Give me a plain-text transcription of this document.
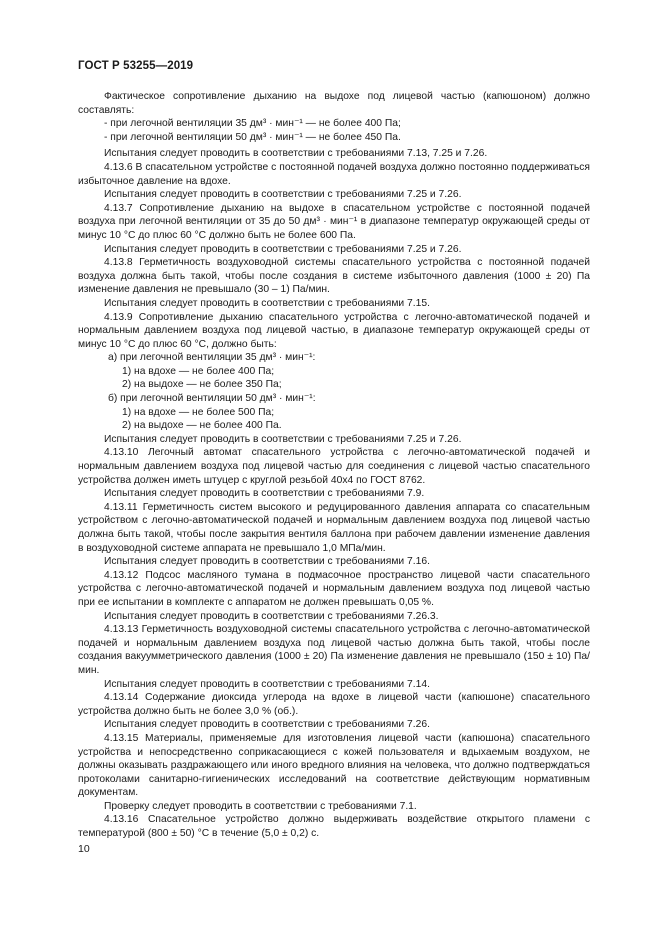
ГОСТ Р 53255—2019

Фактическое сопротивление дыханию на выдохе под лицевой частью (капюшоном) должно составлять:

- при легочной вентиляции 35 дм³ · мин⁻¹ — не более 400 Па;

- при легочной вентиляции 50 дм³ · мин⁻¹ — не более 450 Па.

Испытания следует проводить в соответствии с требованиями 7.13, 7.25 и 7.26.

4.13.6 В спасательном устройстве с постоянной подачей воздуха должно постоянно поддерживаться избыточное давление на вдохе.

Испытания следует проводить в соответствии с требованиями 7.25 и 7.26.

4.13.7 Сопротивление дыханию на выдохе в спасательном устройстве с постоянной подачей воздуха при легочной вентиляции от 35 до 50 дм³ · мин⁻¹ в диапазоне температур окружающей среды от минус 10 °С до плюс 60 °С должно быть не более 600 Па.

Испытания следует проводить в соответствии с требованиями 7.25 и 7.26.

4.13.8 Герметичность воздуховодной системы спасательного устройства с постоянной подачей воздуха должна быть такой, чтобы после создания в системе избыточного давления (1000 ± 20) Па изменение давления не превышало (30 – 1) Па/мин.

Испытания следует проводить в соответствии с требованиями 7.15.

4.13.9 Сопротивление дыханию спасательного устройства с легочно-автоматической подачей и нормальным давлением воздуха под лицевой частью, в диапазоне температур окружающей среды от минус 10 °С до плюс 60 °С, должно быть:

а) при легочной вентиляции 35 дм³ · мин⁻¹:

1) на вдохе — не более 400 Па;

2) на выдохе — не более 350 Па;

б) при легочной вентиляции 50 дм³ · мин⁻¹:

1) на вдохе — не более 500 Па;

2) на выдохе — не более 400 Па.

Испытания следует проводить в соответствии с требованиями 7.25 и 7.26.

4.13.10 Легочный автомат спасательного устройства с легочно-автоматической подачей и нормальным давлением воздуха под лицевой частью для соединения с лицевой частью спасательного устройства должен иметь штуцер с круглой резьбой 40х4 по ГОСТ 8762.

Испытания следует проводить в соответствии с требованиями 7.9.

4.13.11 Герметичность систем высокого и редуцированного давления аппарата со спасательным устройством с легочно-автоматической подачей и нормальным давлением воздуха под лицевой частью должна быть такой, чтобы после закрытия вентиля баллона при рабочем давлении изменение давления в воздуховодной системе аппарата не превышало 1,0 МПа/мин.

Испытания следует проводить в соответствии с требованиями 7.16.

4.13.12 Подсос масляного тумана в подмасочное пространство лицевой части спасательного устройства с легочно-автоматической подачей и нормальным давлением воздуха под лицевой частью при ее испытании в комплекте с аппаратом не должен превышать 0,05 %.

Испытания следует проводить в соответствии с требованиями 7.26.3.

4.13.13 Герметичность воздуховодной системы спасательного устройства с легочно-автоматической подачей и нормальным давлением воздуха под лицевой частью должна быть такой, чтобы после создания вакуумметрического давления (1000 ± 20) Па изменение давления не превышало (150 ± 10) Па/мин.

Испытания следует проводить в соответствии с требованиями 7.14.

4.13.14 Содержание диоксида углерода на вдохе в лицевой части (капюшоне) спасательного устройства должно быть не более 3,0 % (об.).

Испытания следует проводить в соответствии с требованиями 7.26.

4.13.15 Материалы, применяемые для изготовления лицевой части (капюшона) спасательного устройства и непосредственно соприкасающиеся с кожей пользователя и вдыхаемым воздухом, не должны оказывать раздражающего или иного вредного влияния на человека, что должно подтверждаться протоколами санитарно-гигиенических исследований на соответствие действующим нормативным документам.

Проверку следует проводить в соответствии с требованиями 7.1.

4.13.16 Спасательное устройство должно выдерживать воздействие открытого пламени с температурой (800 ± 50) °С в течение (5,0 ± 0,2) с.

10
